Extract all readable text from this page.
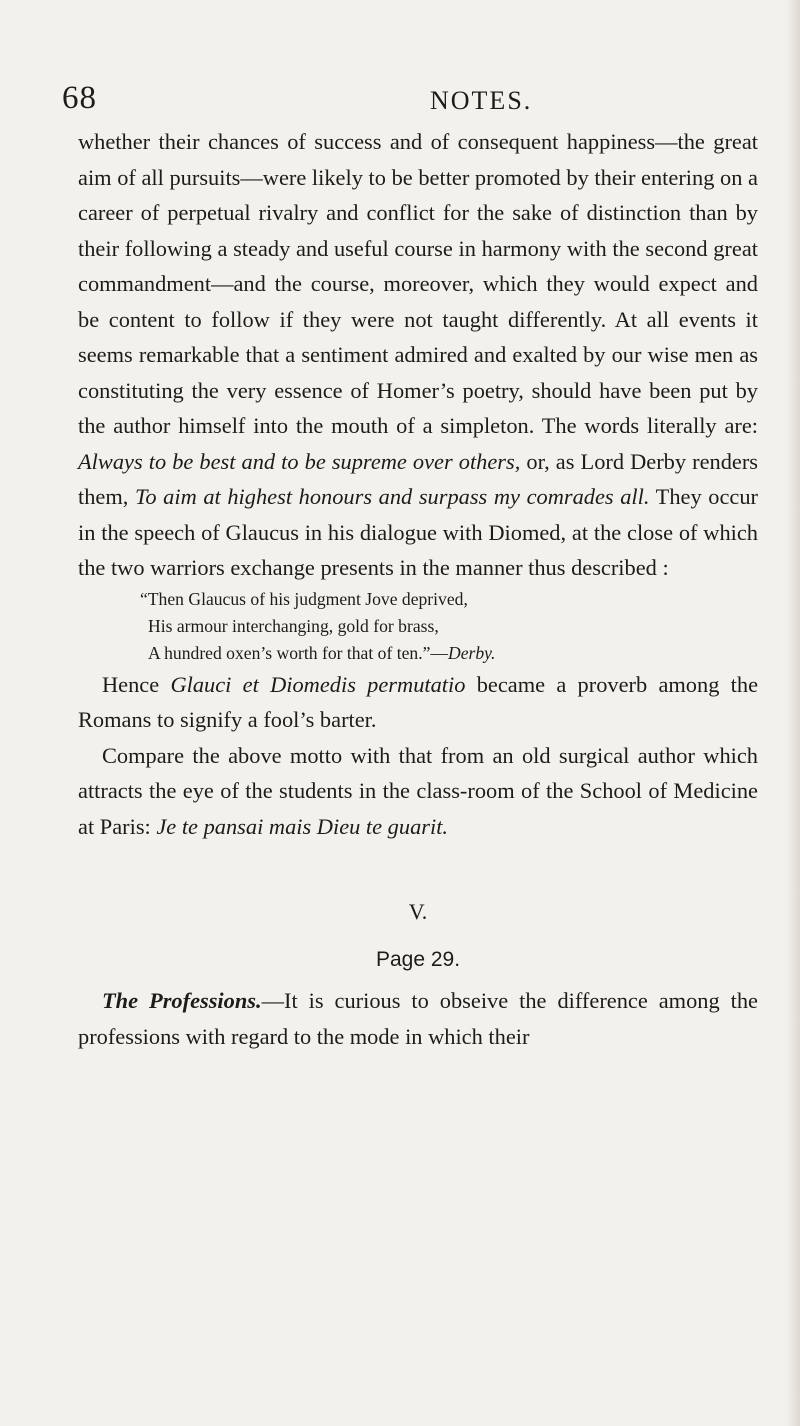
68	NOTES.

whether their chances of success and of consequent happiness—the great aim of all pursuits—were likely to be better promoted by their entering on a career of perpetual rivalry and conflict for the sake of distinction than by their following a steady and useful course in harmony with the second great commandment—and the course, moreover, which they would expect and be content to follow if they were not taught differently. At all events it seems remarkable that a sentiment admired and exalted by our wise men as constituting the very essence of Homer’s poetry, should have been put by the author himself into the mouth of a simpleton. The words literally are: Always to be best and to be supreme over others, or, as Lord Derby renders them, To aim at highest honours and surpass my comrades all. They occur in the speech of Glaucus in his dialogue with Diomed, at the close of which the two warriors exchange presents in the manner thus described :

“Then Glaucus of his judgment Jove deprived,
His armour interchanging, gold for brass,
A hundred oxen’s worth for that of ten.”—Derby.

Hence Glauci et Diomedis permutatio became a proverb among the Romans to signify a fool’s barter.

Compare the above motto with that from an old surgical author which attracts the eye of the students in the class-room of the School of Medicine at Paris: Je te pansai mais Dieu te guarit.

V.

Page 29.

The Professions.—It is curious to obseive the difference among the professions with regard to the mode in which their
